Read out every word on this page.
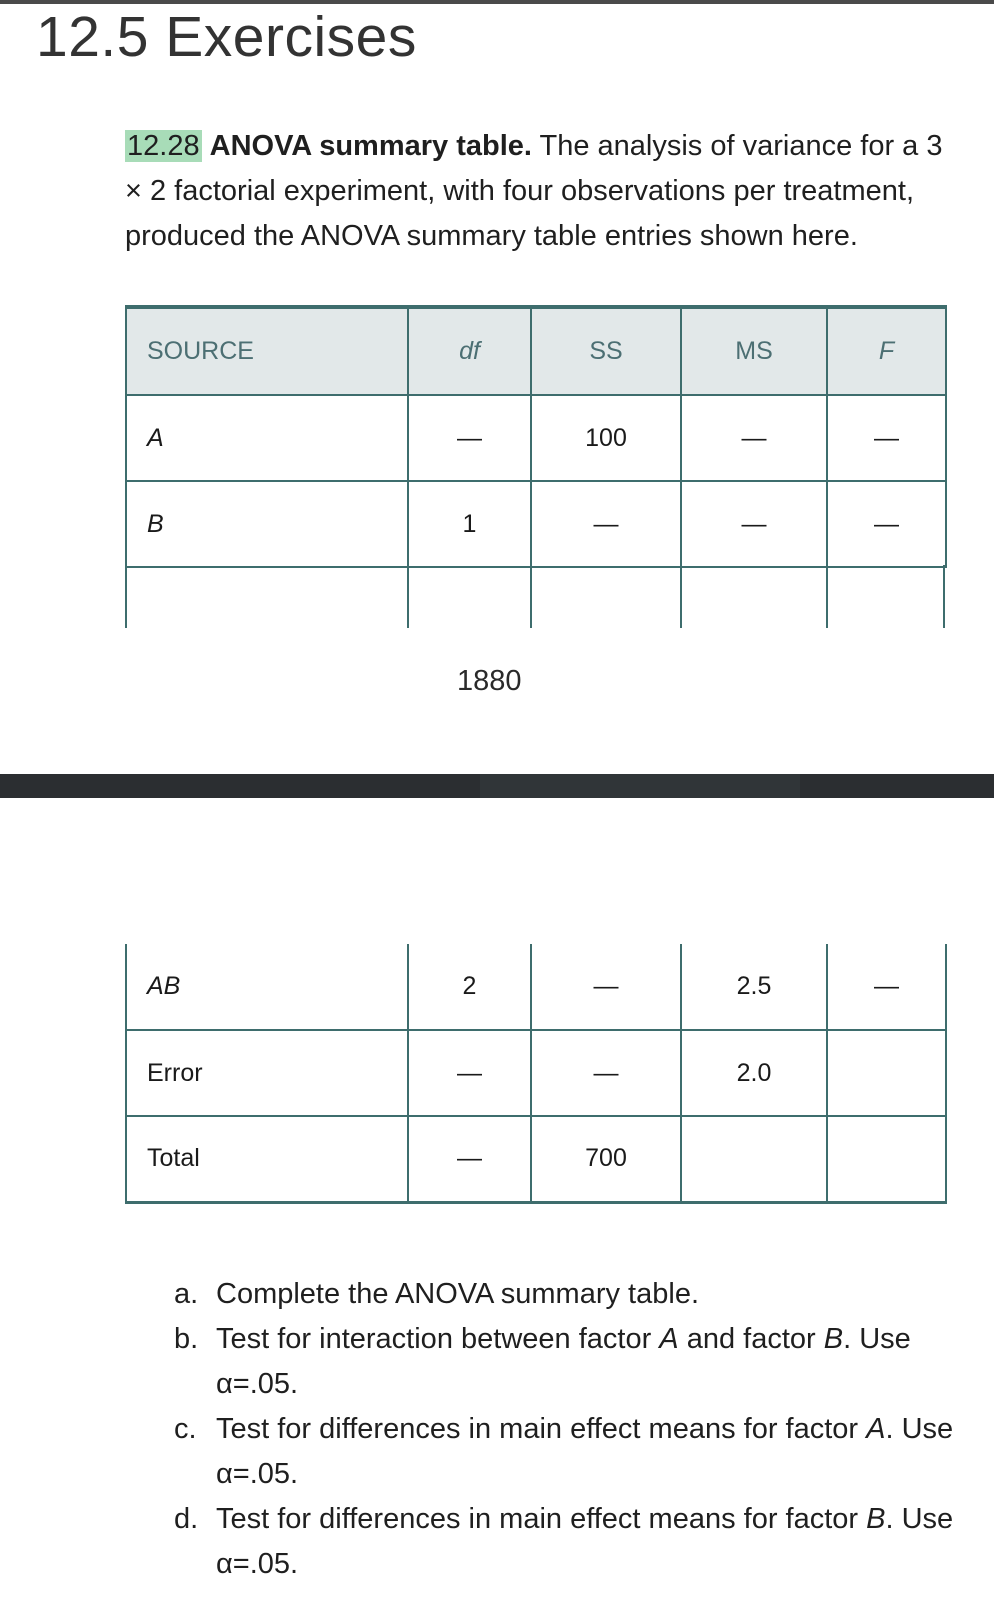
12.5 Exercises

12.28 ANOVA summary table. The analysis of variance for a 3 × 2 factorial experiment, with four observations per treatment, produced the ANOVA summary table entries shown here.

SOURCE	df	SS	MS	F
A	—	100	—	—
B	1	—	—	—
1880
AB	2	—	2.5	—
Error	—	—	2.0	
Total	—	700		
a. Complete the ANOVA summary table.
b. Test for interaction between factor A and factor B. Use α=.05.
c. Test for differences in main effect means for factor A. Use α=.05.
d. Test for differences in main effect means for factor B. Use α=.05.
